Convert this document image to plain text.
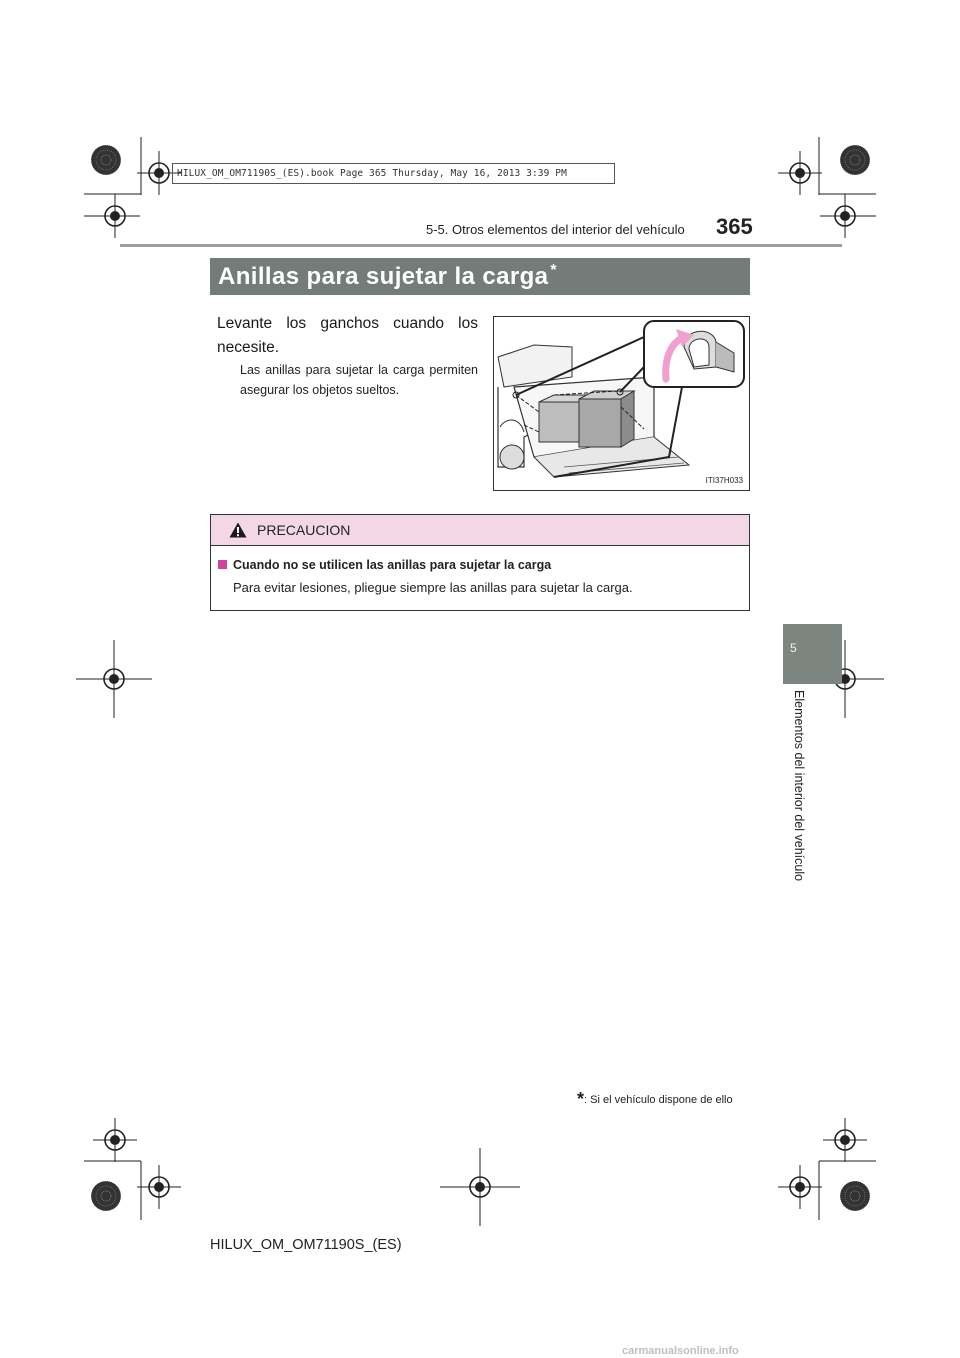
HILUX_OM_OM71190S_(ES).book Page 365 Thursday, May 16, 2013 3:39 PM
5-5. Otros elementos del interior del vehículo 365
5
Elementos del interior del vehículo
Anillas para sujetar la carga *
Levante los ganchos cuando los necesite.
Las anillas para sujetar la carga permiten asegurar los objetos sueltos.
ITI37H033
PRECAUCION
Cuando no se utilicen las anillas para sujetar la carga
Para evitar lesiones, pliegue siempre las anillas para sujetar la carga.
*: Si el vehículo dispone de ello
HILUX_OM_OM71190S_(ES)
carmanualsonline.info
